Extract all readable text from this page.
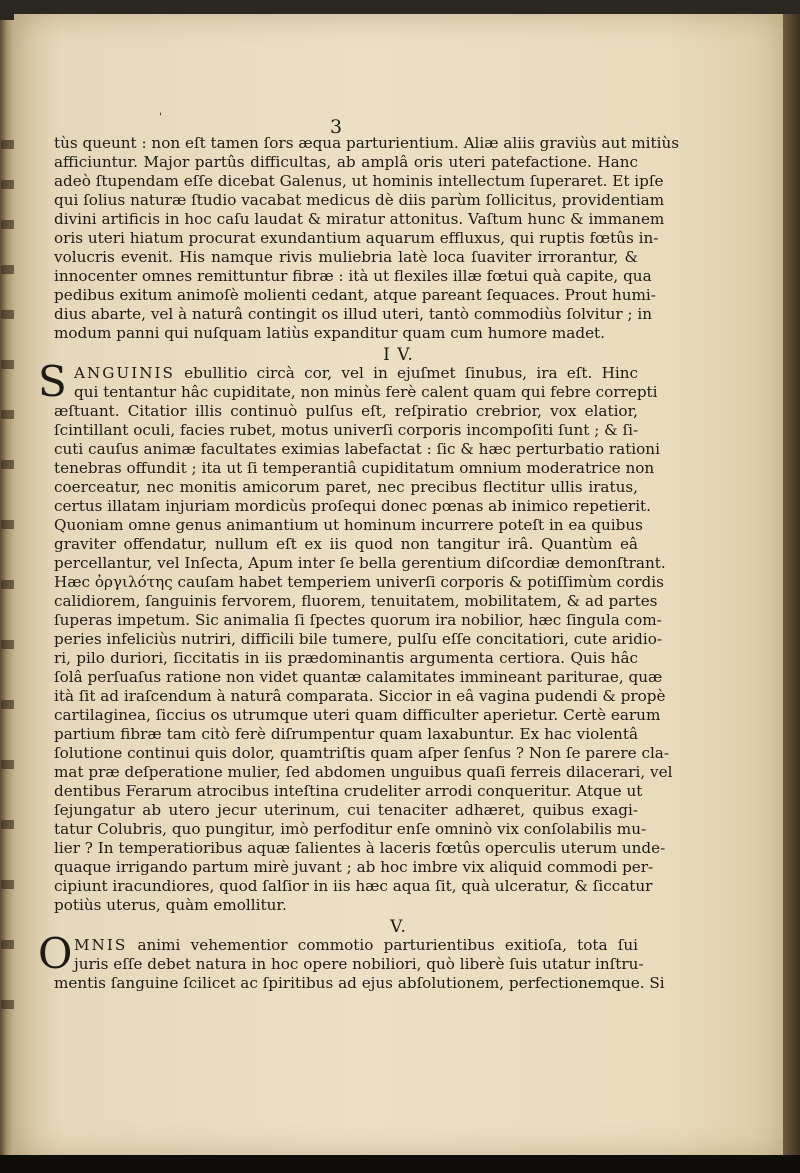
'	3

tùs queunt : non eſt tamen ſors æqua parturientium. Aliæ aliis graviùs aut mitiùs

afficiuntur. Major partûs difficultas, ab amplâ oris uteri patefactione. Hanc

adeò ſtupendam eſſe dicebat Galenus, ut hominis intellectum ſuperaret. Et ipſe

qui ſolius naturæ ſtudio vacabat medicus dè diis parùm ſollicitus, providentiam

divini artificis in hoc caſu laudat & miratur attonitus. Vaſtum hunc & immanem

oris uteri hiatum procurat exundantium aquarum effluxus, qui ruptis fœtûs in-

volucris evenit. His namque rivis muliebria latè loca ſuaviter irrorantur, &

innocenter omnes remittuntur fibræ : ità ut flexiles illæ fœtui quà capite, qua

pedibus exitum animoſè molienti cedant, atque pareant ſequaces. Prout humi-

dius abarte, vel à naturâ contingit os illud uteri, tantò commodiùs ſolvitur ; in

modum panni qui nuſquam latiùs expanditur quam cum humore madet.

I V.

S ANGUINIS ebullitio circà cor, vel in ejuſmet ſinubus, ira eſt. Hinc

qui tentantur hâc cupiditate, non minùs ferè calent quam qui febre correpti

æſtuant. Citatior illis continuò pulſus eſt, reſpiratio crebrior, vox elatior,

ſcintillant oculi, facies rubet, motus univerſi corporis incompoſiti ſunt ; & ſi-

cuti cauſus animæ facultates eximias labefactat : ſic & hæc perturbatio rationi

tenebras offundit ; ita ut ſi temperantiâ cupiditatum omnium moderatrice non

coerceatur, nec monitis amicorum paret, nec precibus flectitur ullis iratus,

certus illatam injuriam mordicùs proſequi donec pœnas ab inimico repetierit.

Quoniam omne genus animantium ut hominum incurrere poteſt in ea quibus

graviter offendatur, nullum eſt ex iis quod non tangitur irâ. Quantùm eâ

percellantur, vel Inſecta, Apum inter ſe bella gerentium diſcordiæ demonſtrant.

Hæc ὀργιλότης cauſam habet temperiem univerſi corporis & potiſſimùm cordis

calidiorem, ſanguinis fervorem, fluorem, tenuitatem, mobilitatem, & ad partes

ſuperas impetum. Sic animalia ſi ſpectes quorum ira nobilior, hæc ſingula com-

peries infeliciùs nutriri, difficili bile tumere, pulſu eſſe concitatiori, cute aridio-

ri, pilo duriori, ſiccitatis in iis prædominantis argumenta certiora. Quis hâc

ſolâ perſuaſus ratione non videt quantæ calamitates immineant pariturae, quæ

ità ſit ad iraſcendum à naturâ comparata. Siccior in eâ vagina pudendi & propè

cartilaginea, ſiccius os utrumque uteri quam difficulter aperietur. Certè earum

partium fibræ tam citò ferè diſrumpentur quam laxabuntur. Ex hac violentâ

ſolutione continui quis dolor, quamtriſtis quam aſper ſenſus ? Non ſe parere cla-

mat præ deſperatione mulier, ſed abdomen unguibus quaſi ferreis dilacerari, vel

dentibus Ferarum atrocibus inteſtina crudeliter arrodi conqueritur. Atque ut

ſejungatur ab utero jecur uterinum, cui tenaciter adhæret, quibus exagi-

tatur Colubris, quo pungitur, imò perfoditur enſe omninò vix conſolabilis mu-

lier ? In temperatioribus aquæ ſalientes à laceris fœtûs operculis uterum unde-

quaque irrigando partum mirè juvant ; ab hoc imbre vix aliquid commodi per-

cipiunt iracundiores, quod ſalſior in iis hæc aqua ſit, quà ulceratur, & ſiccatur

potiùs uterus, quàm emollitur.

V.

O MNIS animi vehementior commotio parturientibus exitioſa, tota ſui

juris eſſe debet natura in hoc opere nobiliori, quò liberè ſuis utatur inſtru-

mentis ſanguine ſcilicet ac ſpiritibus ad ejus abſolutionem, perfectionemque. Si
